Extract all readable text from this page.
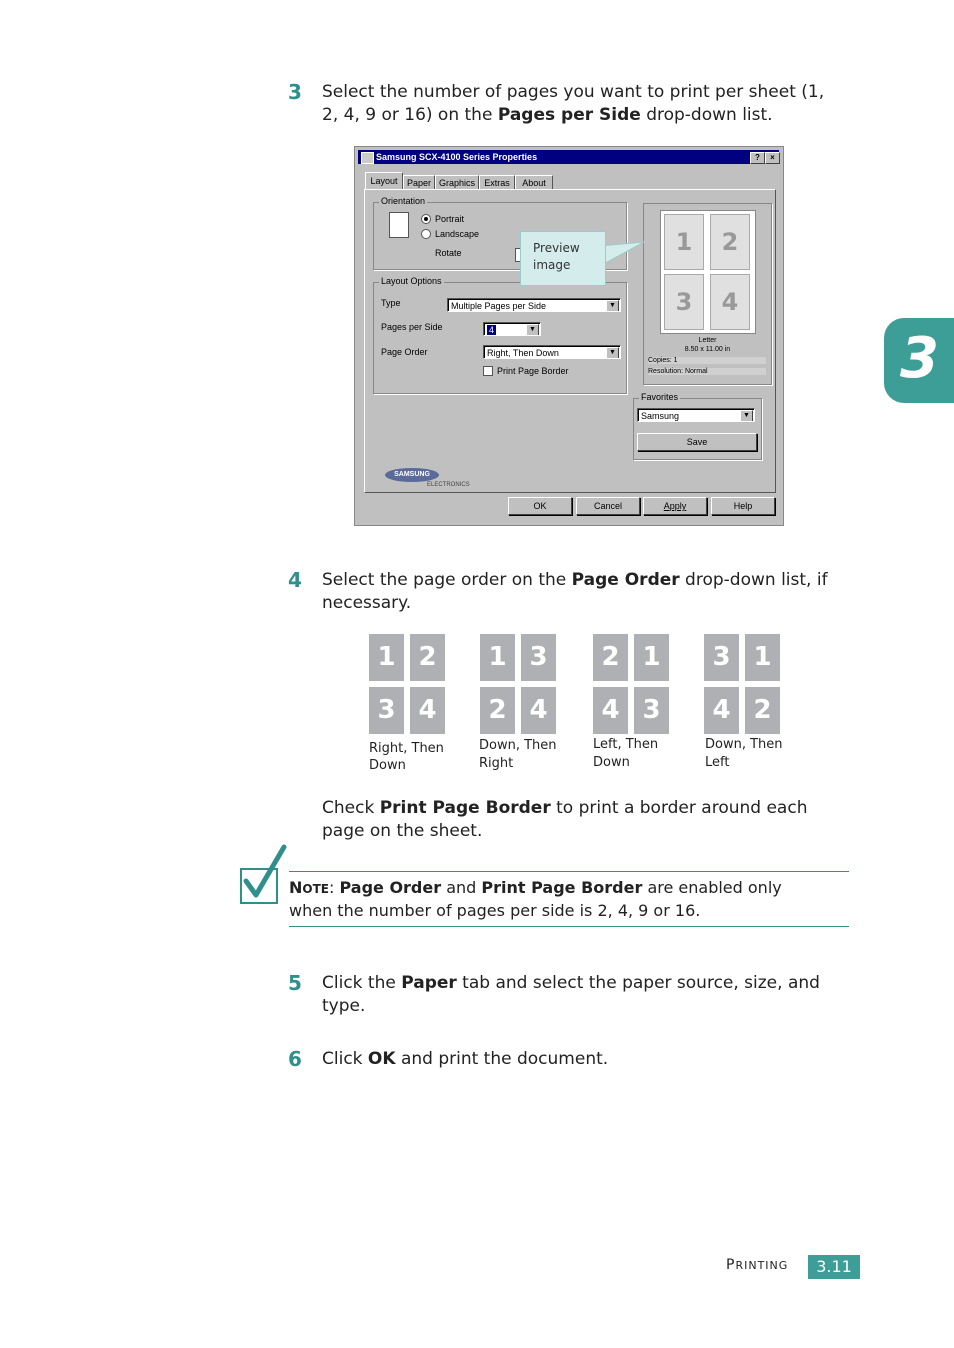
3
3 Select the number of pages you want to print per sheet (1,
2, 4, 9 or 16) on the Pages per Side drop-down list.
Samsung SCX-4100 Series Properties	?	×
Layout	Paper Graphics	Extras	About
Orientation
Portrait
Landscape
Rotate
Layout Options
Type	Multiple Pages per Side	▼
Pages per Side	4	▼
Page Order	Right, Then Down	▼
Print Page Border
1	2
3	4
Letter
8.50 x 11.00 in
Copies: 1
Resolution: Normal
Favorites
Samsung	▼
Save
SAMSUNG
ELECTRONICS
OK	Cancel	Apply	Help
Preview
image
4 Select the page order on the Page Order drop-down list, if
necessary.
1 2
3 4
Right, Then
Down
1 3
2 4
Down, Then
Right
2 1
4 3
Left, Then
Down
3 1
4 2
Down, Then
Left
Check Print Page Border to print a border around each
page on the sheet.
NOTE: Page Order and Print Page Border are enabled only
when the number of pages per side is 2, 4, 9 or 16.
5 Click the Paper tab and select the paper source, size, and
type.
6 Click OK and print the document.
PRINTING	3.11
